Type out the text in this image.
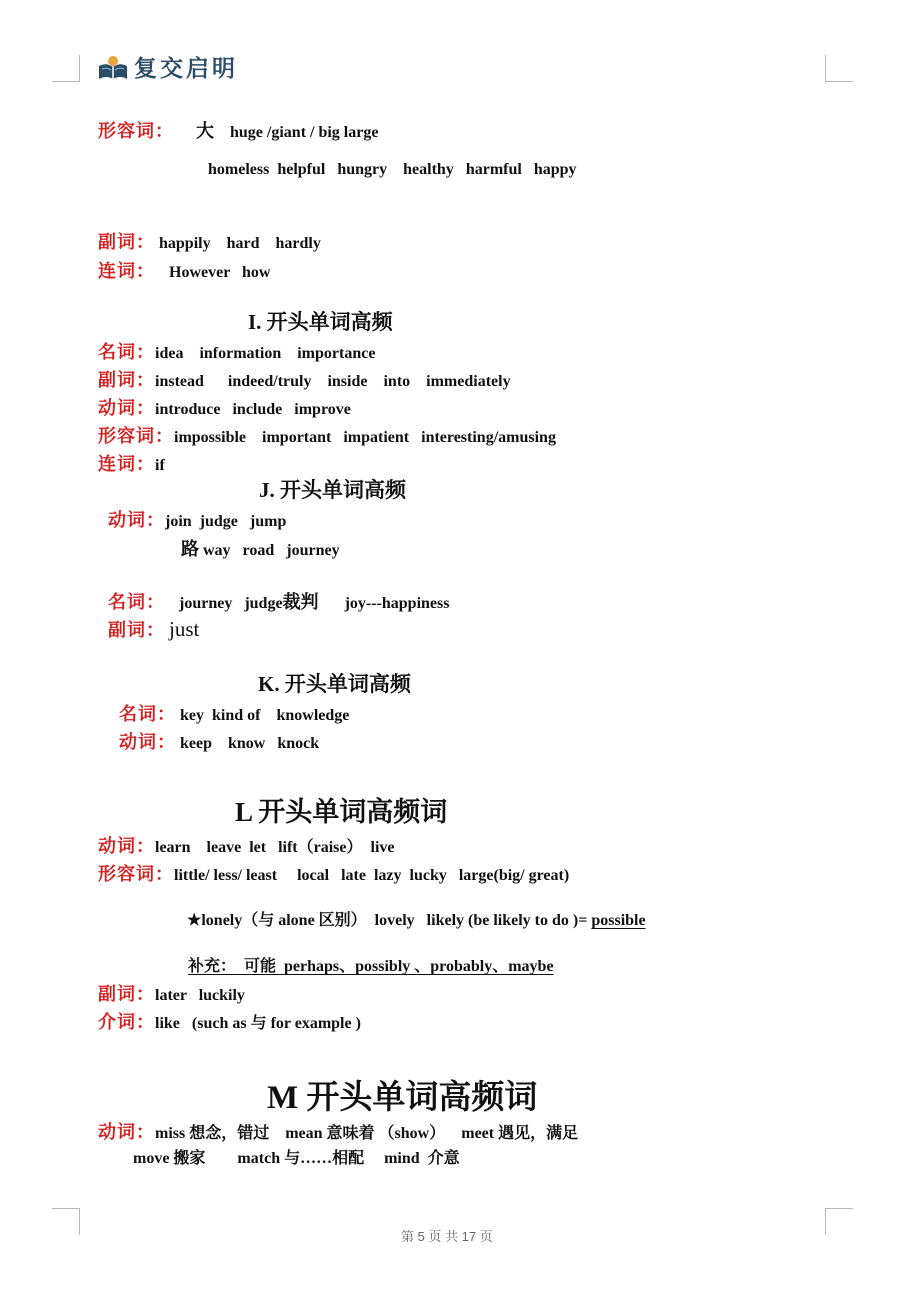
复交启明
形容词： 大 huge /giant / big large
homeless  helpful   hungry    healthy   harmful   happy
副词： happily    hard    hardly
连词： However   how
I. 开头单词高频
名词：idea    information    importance
副词：instead      indeed/truly    inside    into    immediately
动词：introduce   include   improve
形容词：impossible    important   impatient   interesting/amusing
连词：if
J. 开头单词高频
动词：join  judge   jump
路 way   road   journey
名词： journey   judge裁判 joy---happiness
副词： just
K. 开头单词高频
名词： key  kind of    knowledge
动词： keep    know   knock
L 开头单词高频词
动词：learn    leave  let   lift（raise）  live
形容词：little/ less/ least     local   late  lazy  lucky   large(big/ great)
★lonely（与 alone 区别）  lovely   likely (be likely to do )= possible
补充：  可能  perhaps、possibly 、probably、maybe
副词：later   luckily
介词：like   (such as 与 for example )
M 开头单词高频词
动词：miss 想念，错过    mean 意味着 （show）    meet 遇见，满足
move 搬家        match 与……相配     mind  介意
第 5 页 共 17 页
